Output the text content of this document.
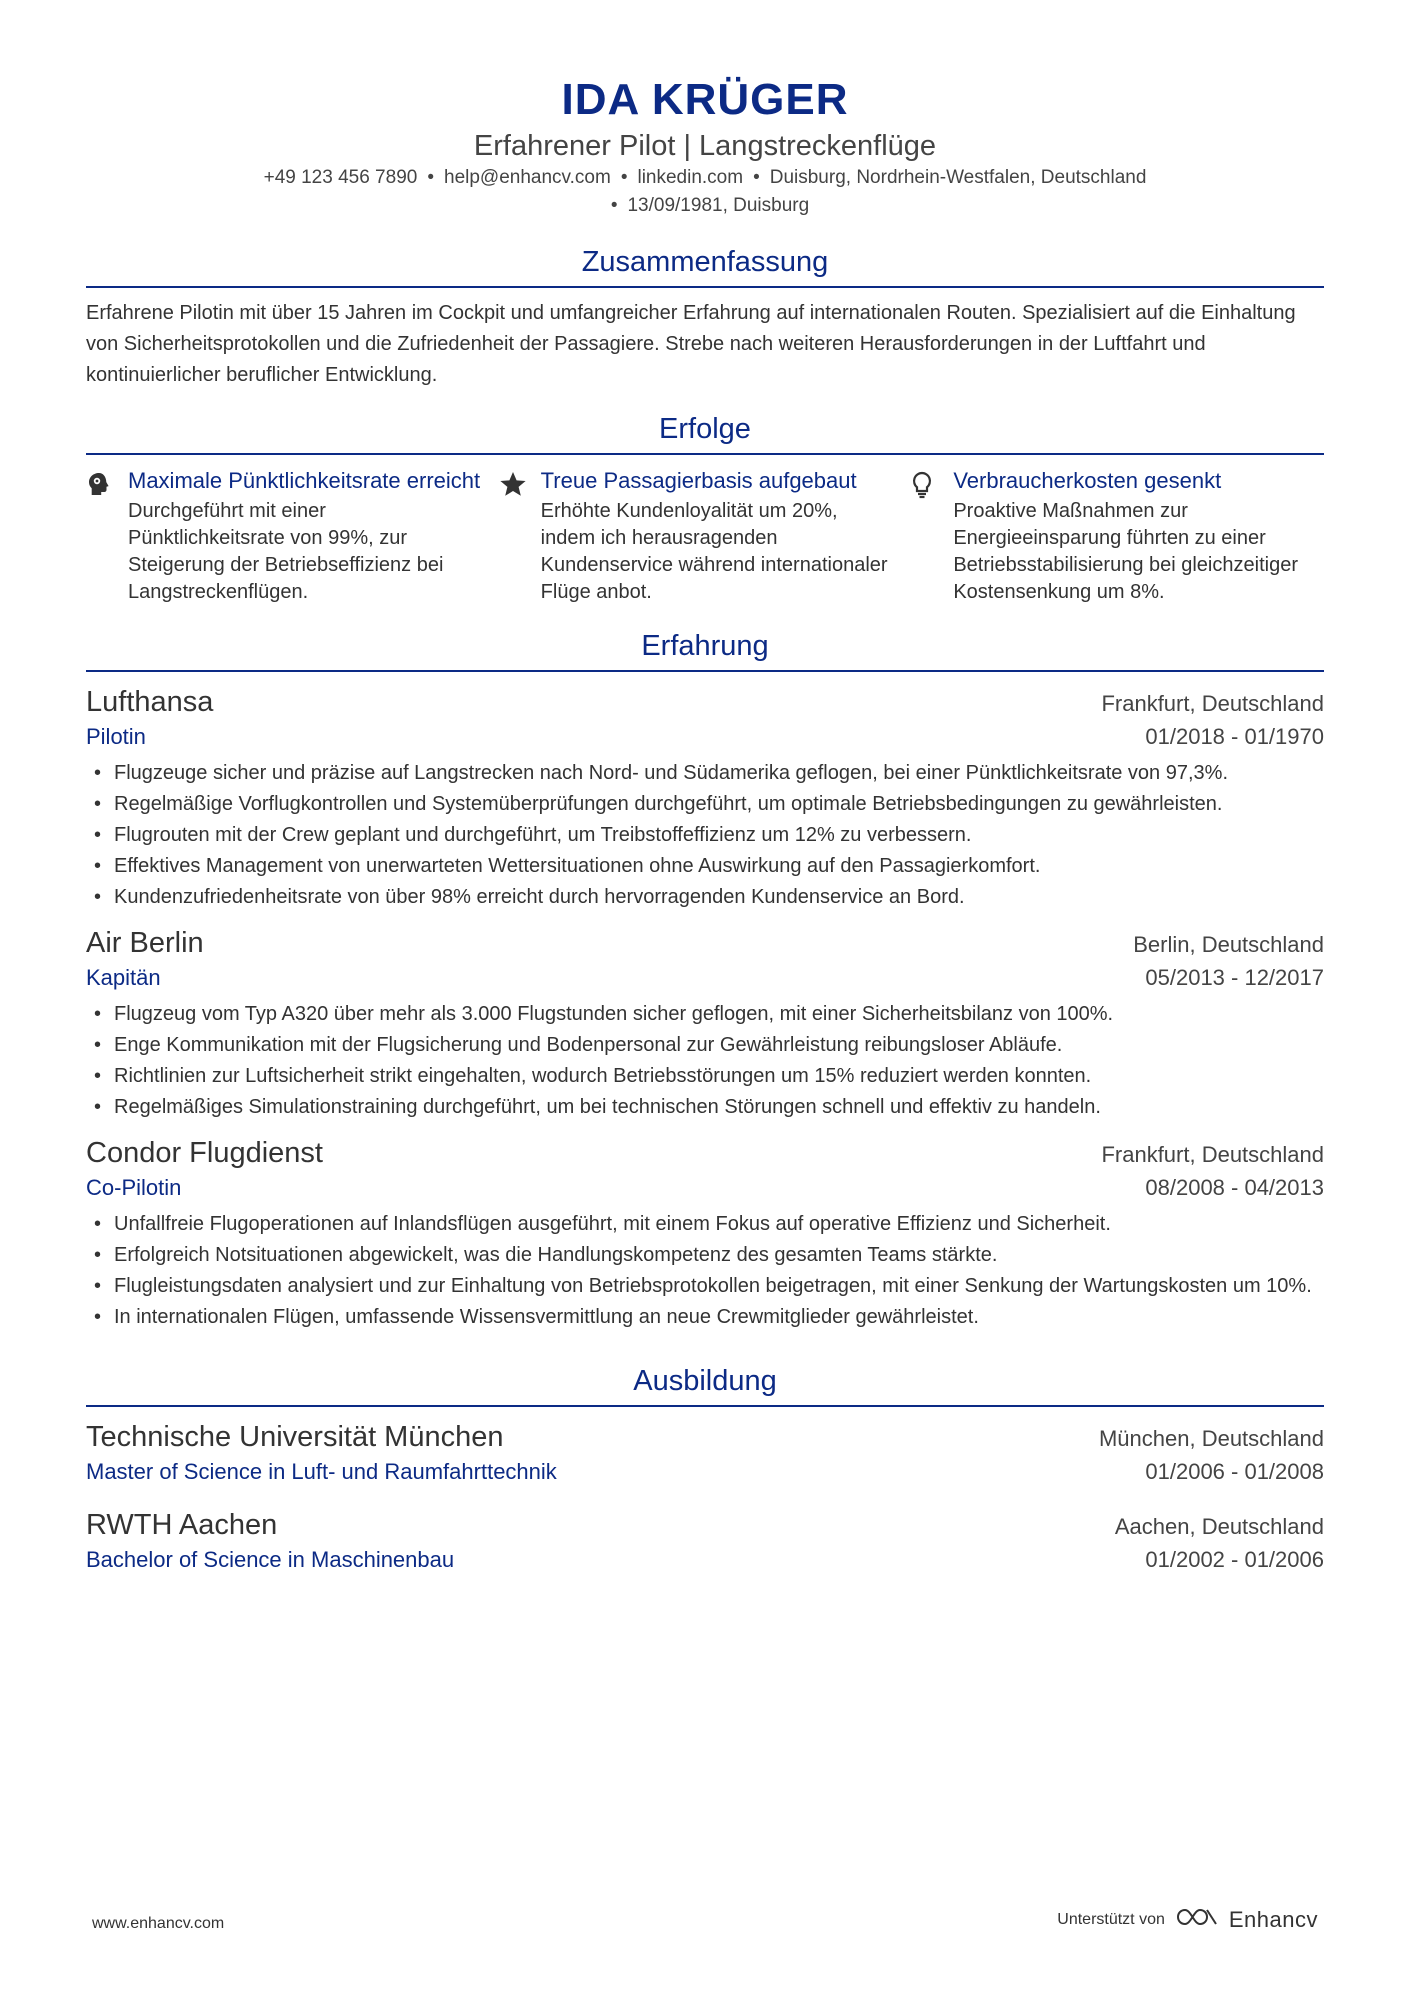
IDA KRÜGER
Erfahrener Pilot | Langstreckenflüge
+49 123 456 7890 • help@enhancv.com • linkedin.com • Duisburg, Nordrhein-Westfalen, Deutschland
• 13/09/1981, Duisburg
Zusammenfassung
Erfahrene Pilotin mit über 15 Jahren im Cockpit und umfangreicher Erfahrung auf internationalen Routen. Spezialisiert auf die Einhaltung von Sicherheitsprotokollen und die Zufriedenheit der Passagiere. Strebe nach weiteren Herausforderungen in der Luftfahrt und kontinuierlicher beruflicher Entwicklung.
Erfolge
Maximale Pünktlichkeitsrate erreicht
Durchgeführt mit einer Pünktlichkeitsrate von 99%, zur Steigerung der Betriebseffizienz bei Langstreckenflügen.
Treue Passagierbasis aufgebaut
Erhöhte Kundenloyalität um 20%, indem ich herausragenden Kundenservice während internationaler Flüge anbot.
Verbraucherkosten gesenkt
Proaktive Maßnahmen zur Energieeinsparung führten zu einer Betriebsstabilisierung bei gleichzeitiger Kostensenkung um 8%.
Erfahrung
Lufthansa	Frankfurt, Deutschland
Pilotin	01/2018 - 01/1970
• Flugzeuge sicher und präzise auf Langstrecken nach Nord- und Südamerika geflogen, bei einer Pünktlichkeitsrate von 97,3%.
• Regelmäßige Vorflugkontrollen und Systemüberprüfungen durchgeführt, um optimale Betriebsbedingungen zu gewährleisten.
• Flugrouten mit der Crew geplant und durchgeführt, um Treibstoffeffizienz um 12% zu verbessern.
• Effektives Management von unerwarteten Wettersituationen ohne Auswirkung auf den Passagierkomfort.
• Kundenzufriedenheitsrate von über 98% erreicht durch hervorragenden Kundenservice an Bord.
Air Berlin	Berlin, Deutschland
Kapitän	05/2013 - 12/2017
• Flugzeug vom Typ A320 über mehr als 3.000 Flugstunden sicher geflogen, mit einer Sicherheitsbilanz von 100%.
• Enge Kommunikation mit der Flugsicherung und Bodenpersonal zur Gewährleistung reibungsloser Abläufe.
• Richtlinien zur Luftsicherheit strikt eingehalten, wodurch Betriebsstörungen um 15% reduziert werden konnten.
• Regelmäßiges Simulationstraining durchgeführt, um bei technischen Störungen schnell und effektiv zu handeln.
Condor Flugdienst	Frankfurt, Deutschland
Co-Pilotin	08/2008 - 04/2013
• Unfallfreie Flugoperationen auf Inlandsflügen ausgeführt, mit einem Fokus auf operative Effizienz und Sicherheit.
• Erfolgreich Notsituationen abgewickelt, was die Handlungskompetenz des gesamten Teams stärkte.
• Flugleistungsdaten analysiert und zur Einhaltung von Betriebsprotokollen beigetragen, mit einer Senkung der Wartungskosten um 10%.
• In internationalen Flügen, umfassende Wissensvermittlung an neue Crewmitglieder gewährleistet.
Ausbildung
Technische Universität München	München, Deutschland
Master of Science in Luft- und Raumfahrttechnik	01/2006 - 01/2008
RWTH Aachen	Aachen, Deutschland
Bachelor of Science in Maschinenbau	01/2002 - 01/2006
www.enhancv.com	Unterstützt von	Enhancv
